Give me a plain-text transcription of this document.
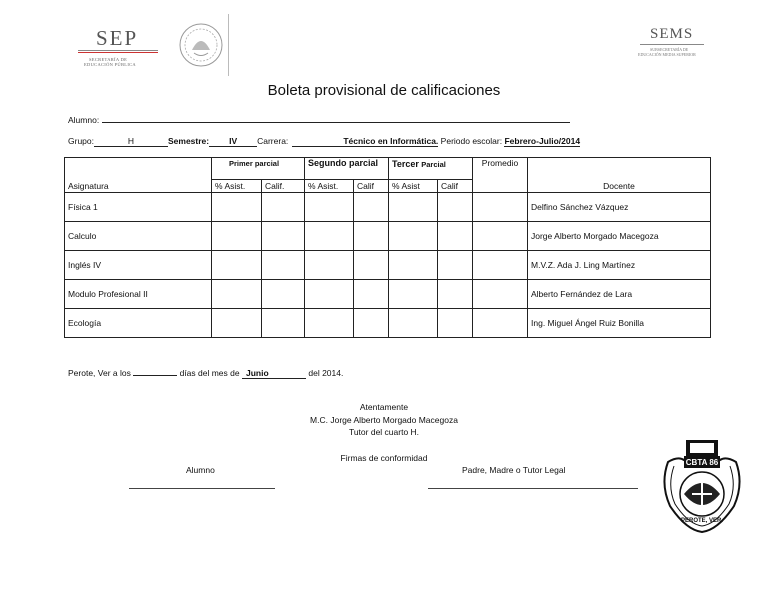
SEP
SECRETARÍA DE
EDUCACIÓN PÚBLICA
SEMS
SUBSECRETARÍA DE
EDUCACIÓN MEDIA SUPERIOR
Boleta provisional de calificaciones
Alumno:
Grupo:	H	Semestre: IV Carrera:	Técnico en Informática. Periodo escolar: Febrero-Julio/2014
	Primer parcial		Segundo parcial		Tercer Parcial		Promedio	
Asignatura	% Asist.	Calif.	% Asist.	Calif	% Asist	Calif		Docente
Física 1								Delfino Sánchez Vázquez
Calculo								Jorge Alberto Morgado Macegoza
Inglés IV								M.V.Z. Ada J. Ling Martínez
Modulo Profesional II								Alberto Fernández de Lara
Ecología								Ing. Miguel Ángel Ruiz Bonilla
Perote, Ver a los	días del mes de Junio	del 2014.
Atentamente
M.C. Jorge Alberto Morgado Macegoza
Tutor del cuarto H.
Firmas de conformidad
Alumno	Padre, Madre o Tutor Legal
CBTA 86
PEROTE, VER.
